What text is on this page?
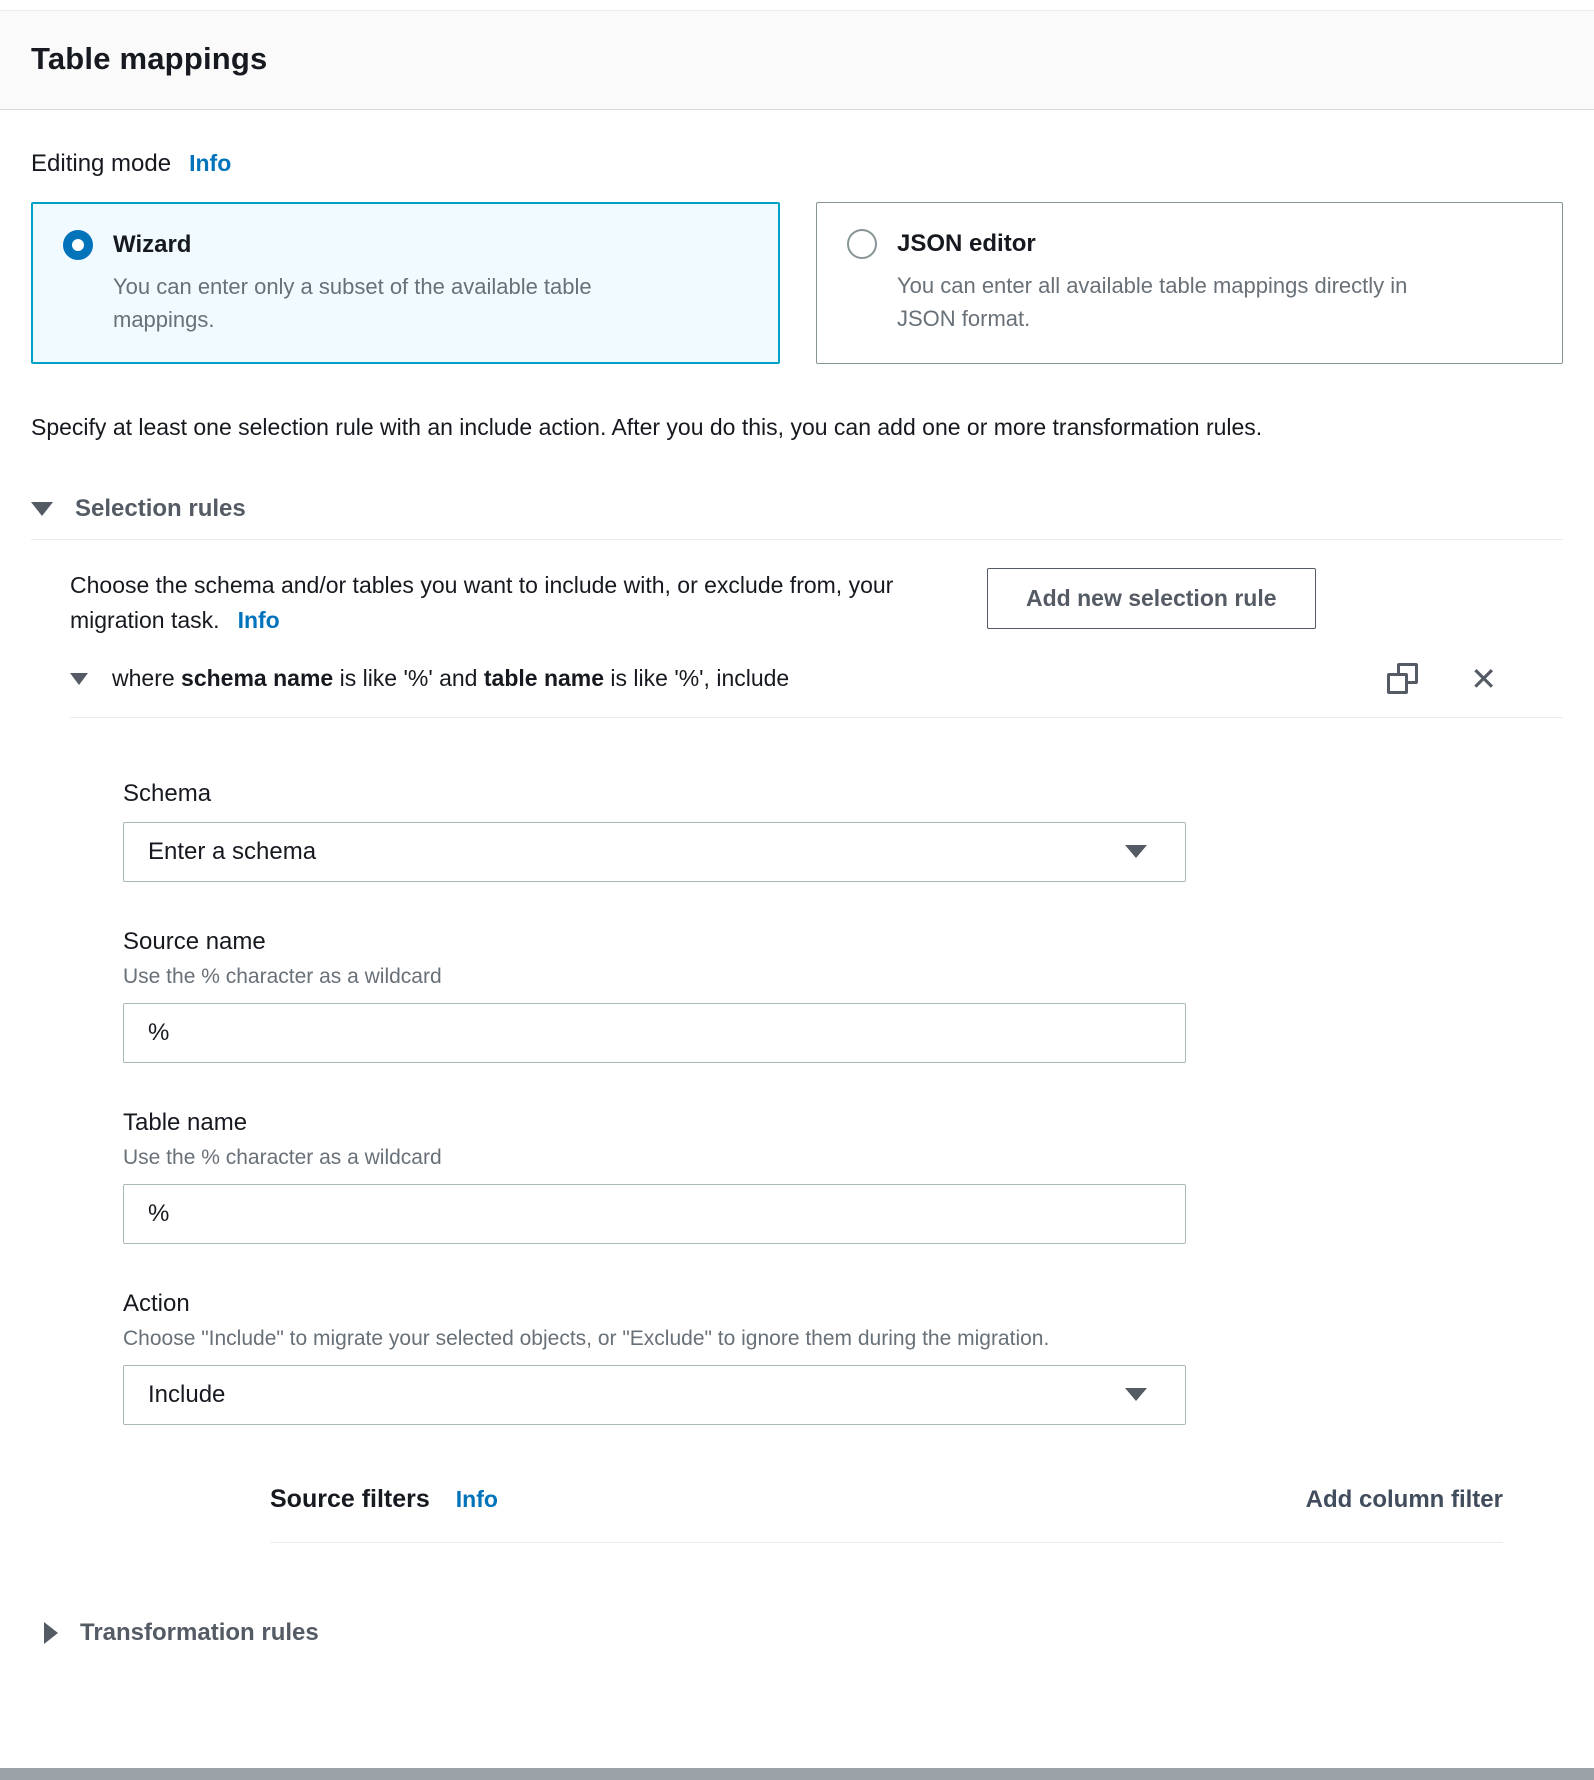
Table mappings
Editing mode Info
Wizard
You can enter only a subset of the available table mappings.
JSON editor
You can enter all available table mappings directly in JSON format.

Specify at least one selection rule with an include action. After you do this, you can add one or more transformation rules.

Selection rules
Choose the schema and/or tables you want to include with, or exclude from, your migration task. Info
Add new selection rule
where schema name is like '%' and table name is like '%', include	✕
Schema
Enter a schema
Source name
Use the % character as a wildcard
%
Table name
Use the % character as a wildcard
%
Action
Choose "Include" to migrate your selected objects, or "Exclude" to ignore them during the migration.
Include
Source filters Info	Add column filter
Transformation rules
